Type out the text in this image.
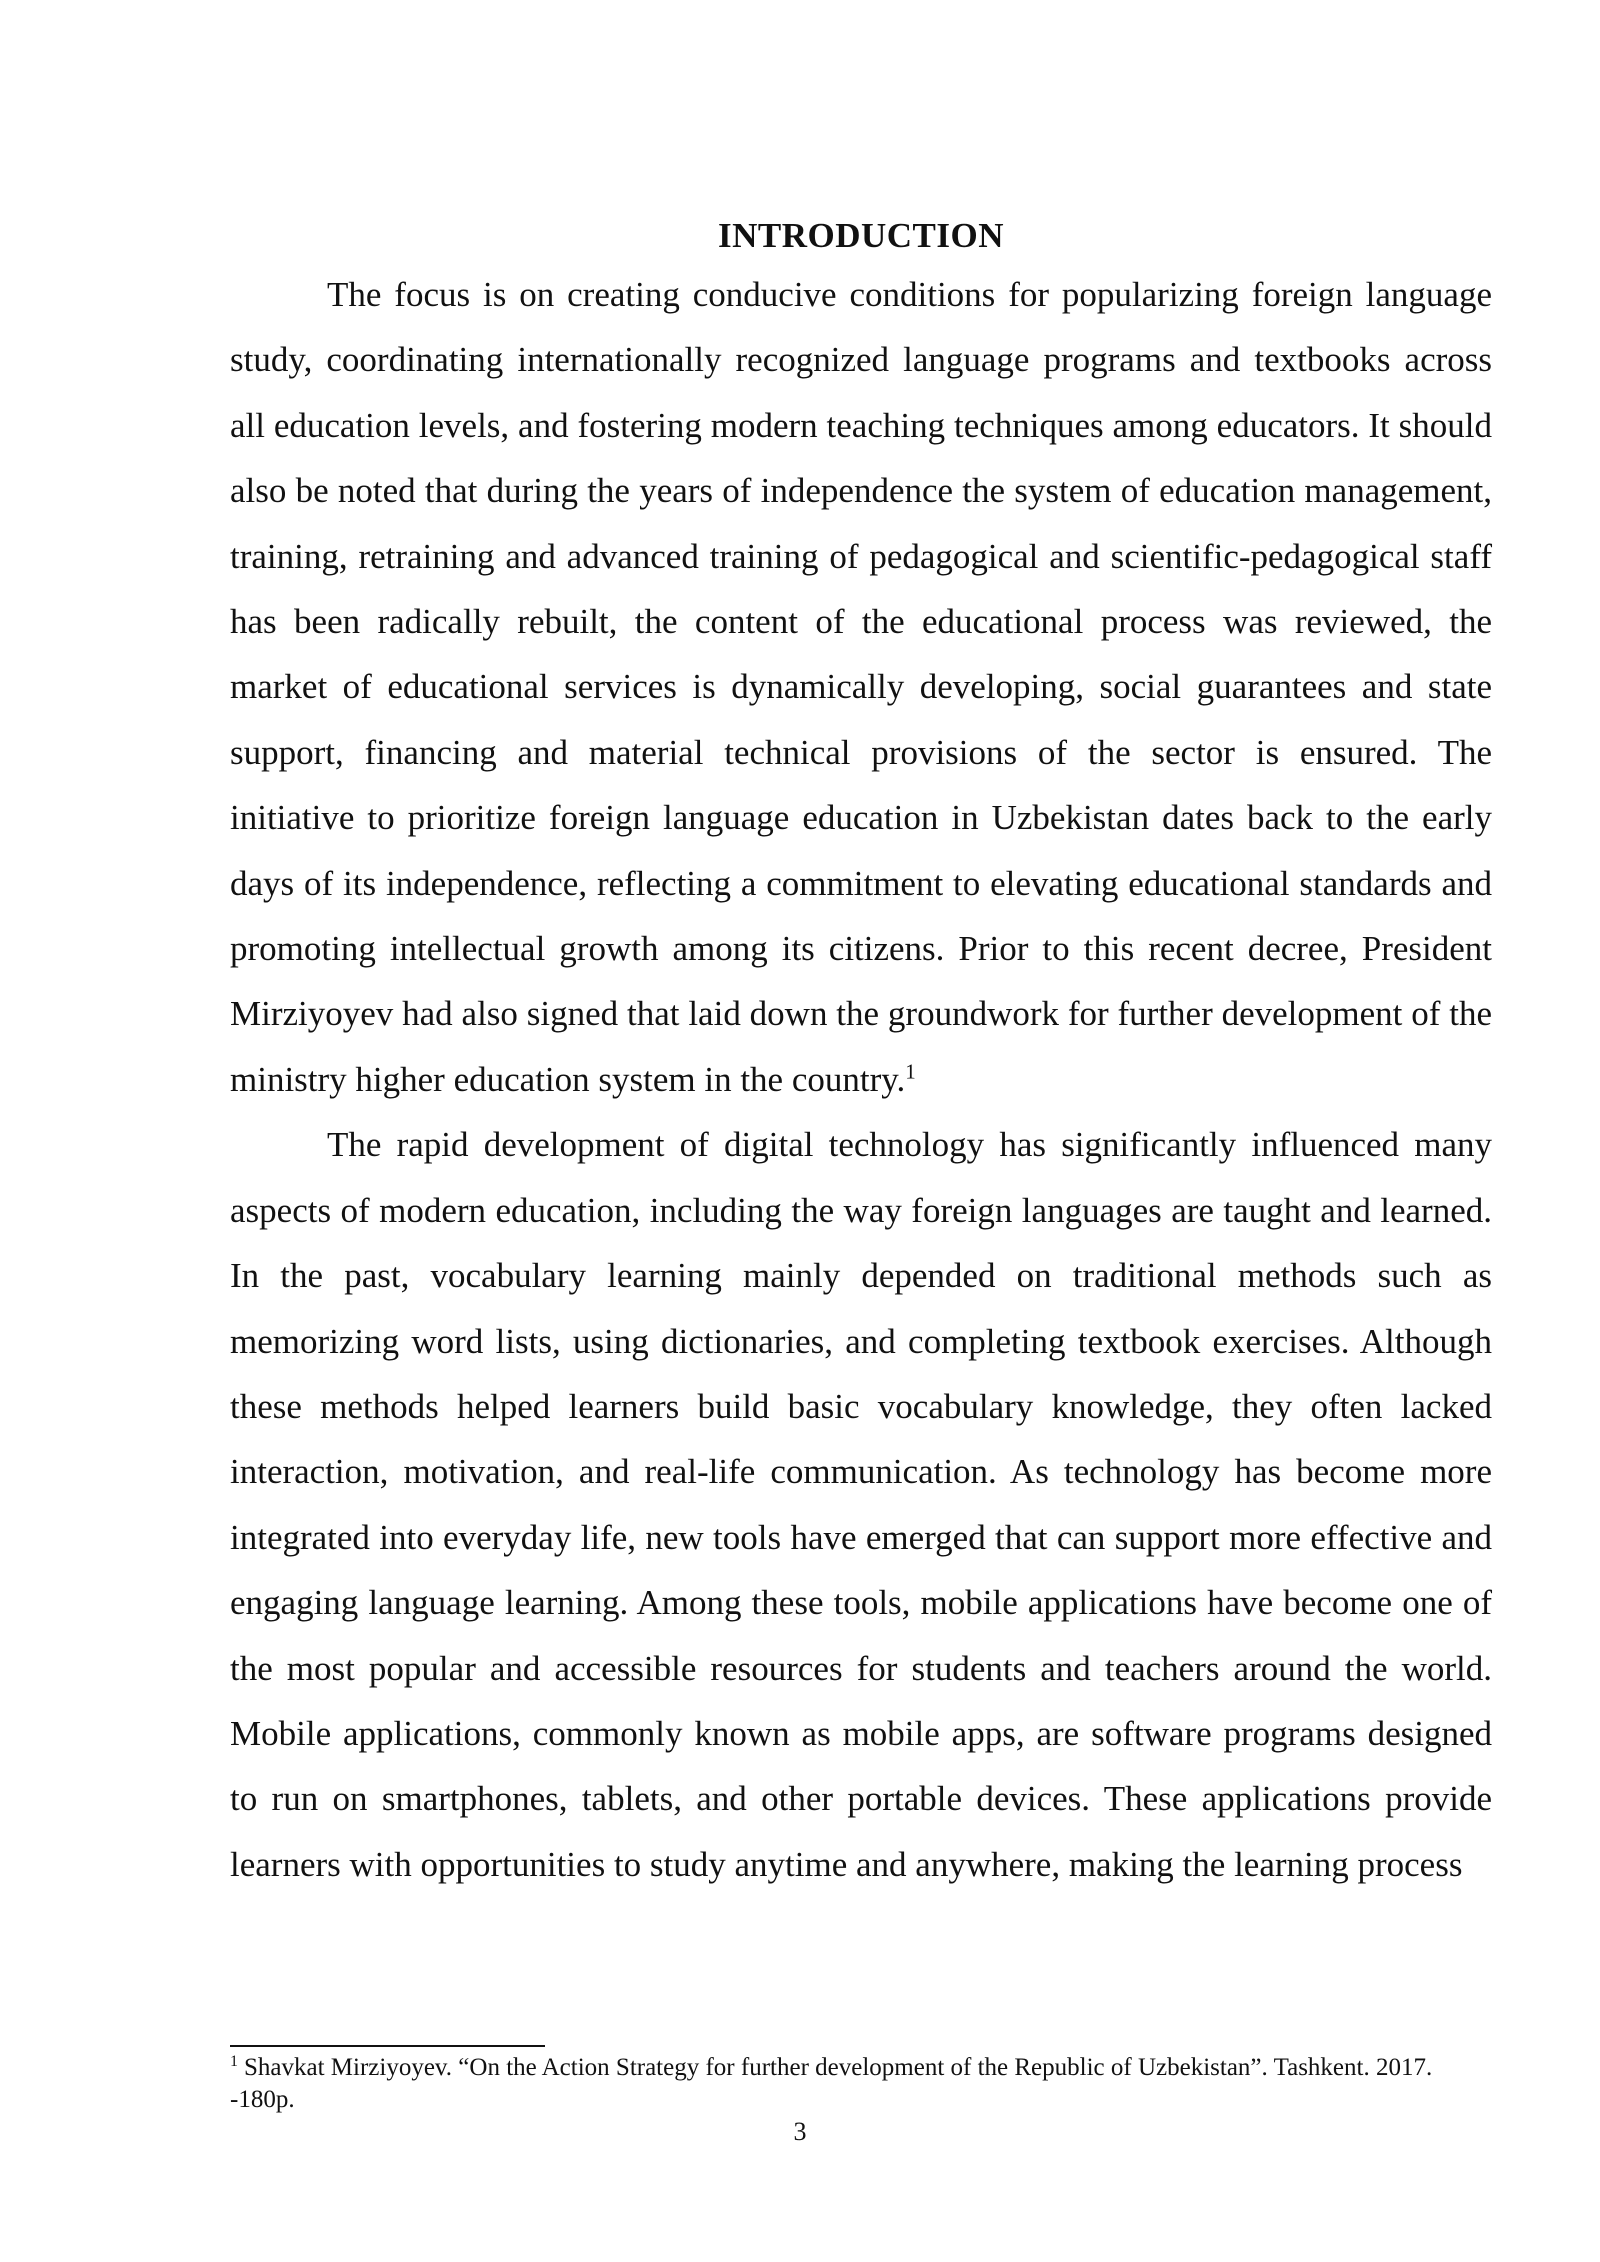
INTRODUCTION

The focus is on creating conducive conditions for popularizing foreign language study, coordinating internationally recognized language programs and textbooks across all education levels, and fostering modern teaching techniques among educators. It should also be noted that during the years of independence the system of education management, training, retraining and advanced training of pedagogical and scientific-pedagogical staff has been radically rebuilt, the content of the educational process was reviewed, the market of educational services is dynamically developing, social guarantees and state support, financing and material technical provisions of the sector is ensured. The initiative to prioritize foreign language education in Uzbekistan dates back to the early days of its independence, reflecting a commitment to elevating educational standards and promoting intellectual growth among its citizens. Prior to this recent decree, President Mirziyoyev had also signed that laid down the groundwork for further development of the ministry higher education system in the country.$^1$

The rapid development of digital technology has significantly influenced many aspects of modern education, including the way foreign languages are taught and learned. In the past, vocabulary learning mainly depended on traditional methods such as memorizing word lists, using dictionaries, and completing textbook exercises. Although these methods helped learners build basic vocabulary knowledge, they often lacked interaction, motivation, and real-life communication. As technology has become more integrated into everyday life, new tools have emerged that can support more effective and engaging language learning. Among these tools, mobile applications have become one of the most popular and accessible resources for students and teachers around the world. Mobile applications, commonly known as mobile apps, are software programs designed to run on smartphones, tablets, and other portable devices. These applications provide learners with opportunities to study anytime and anywhere, making the learning process

$^1$ Shavkat Mirziyoyev. “On the Action Strategy for further development of the Republic of Uzbekistan”. Tashkent. 2017. -180p.

3
